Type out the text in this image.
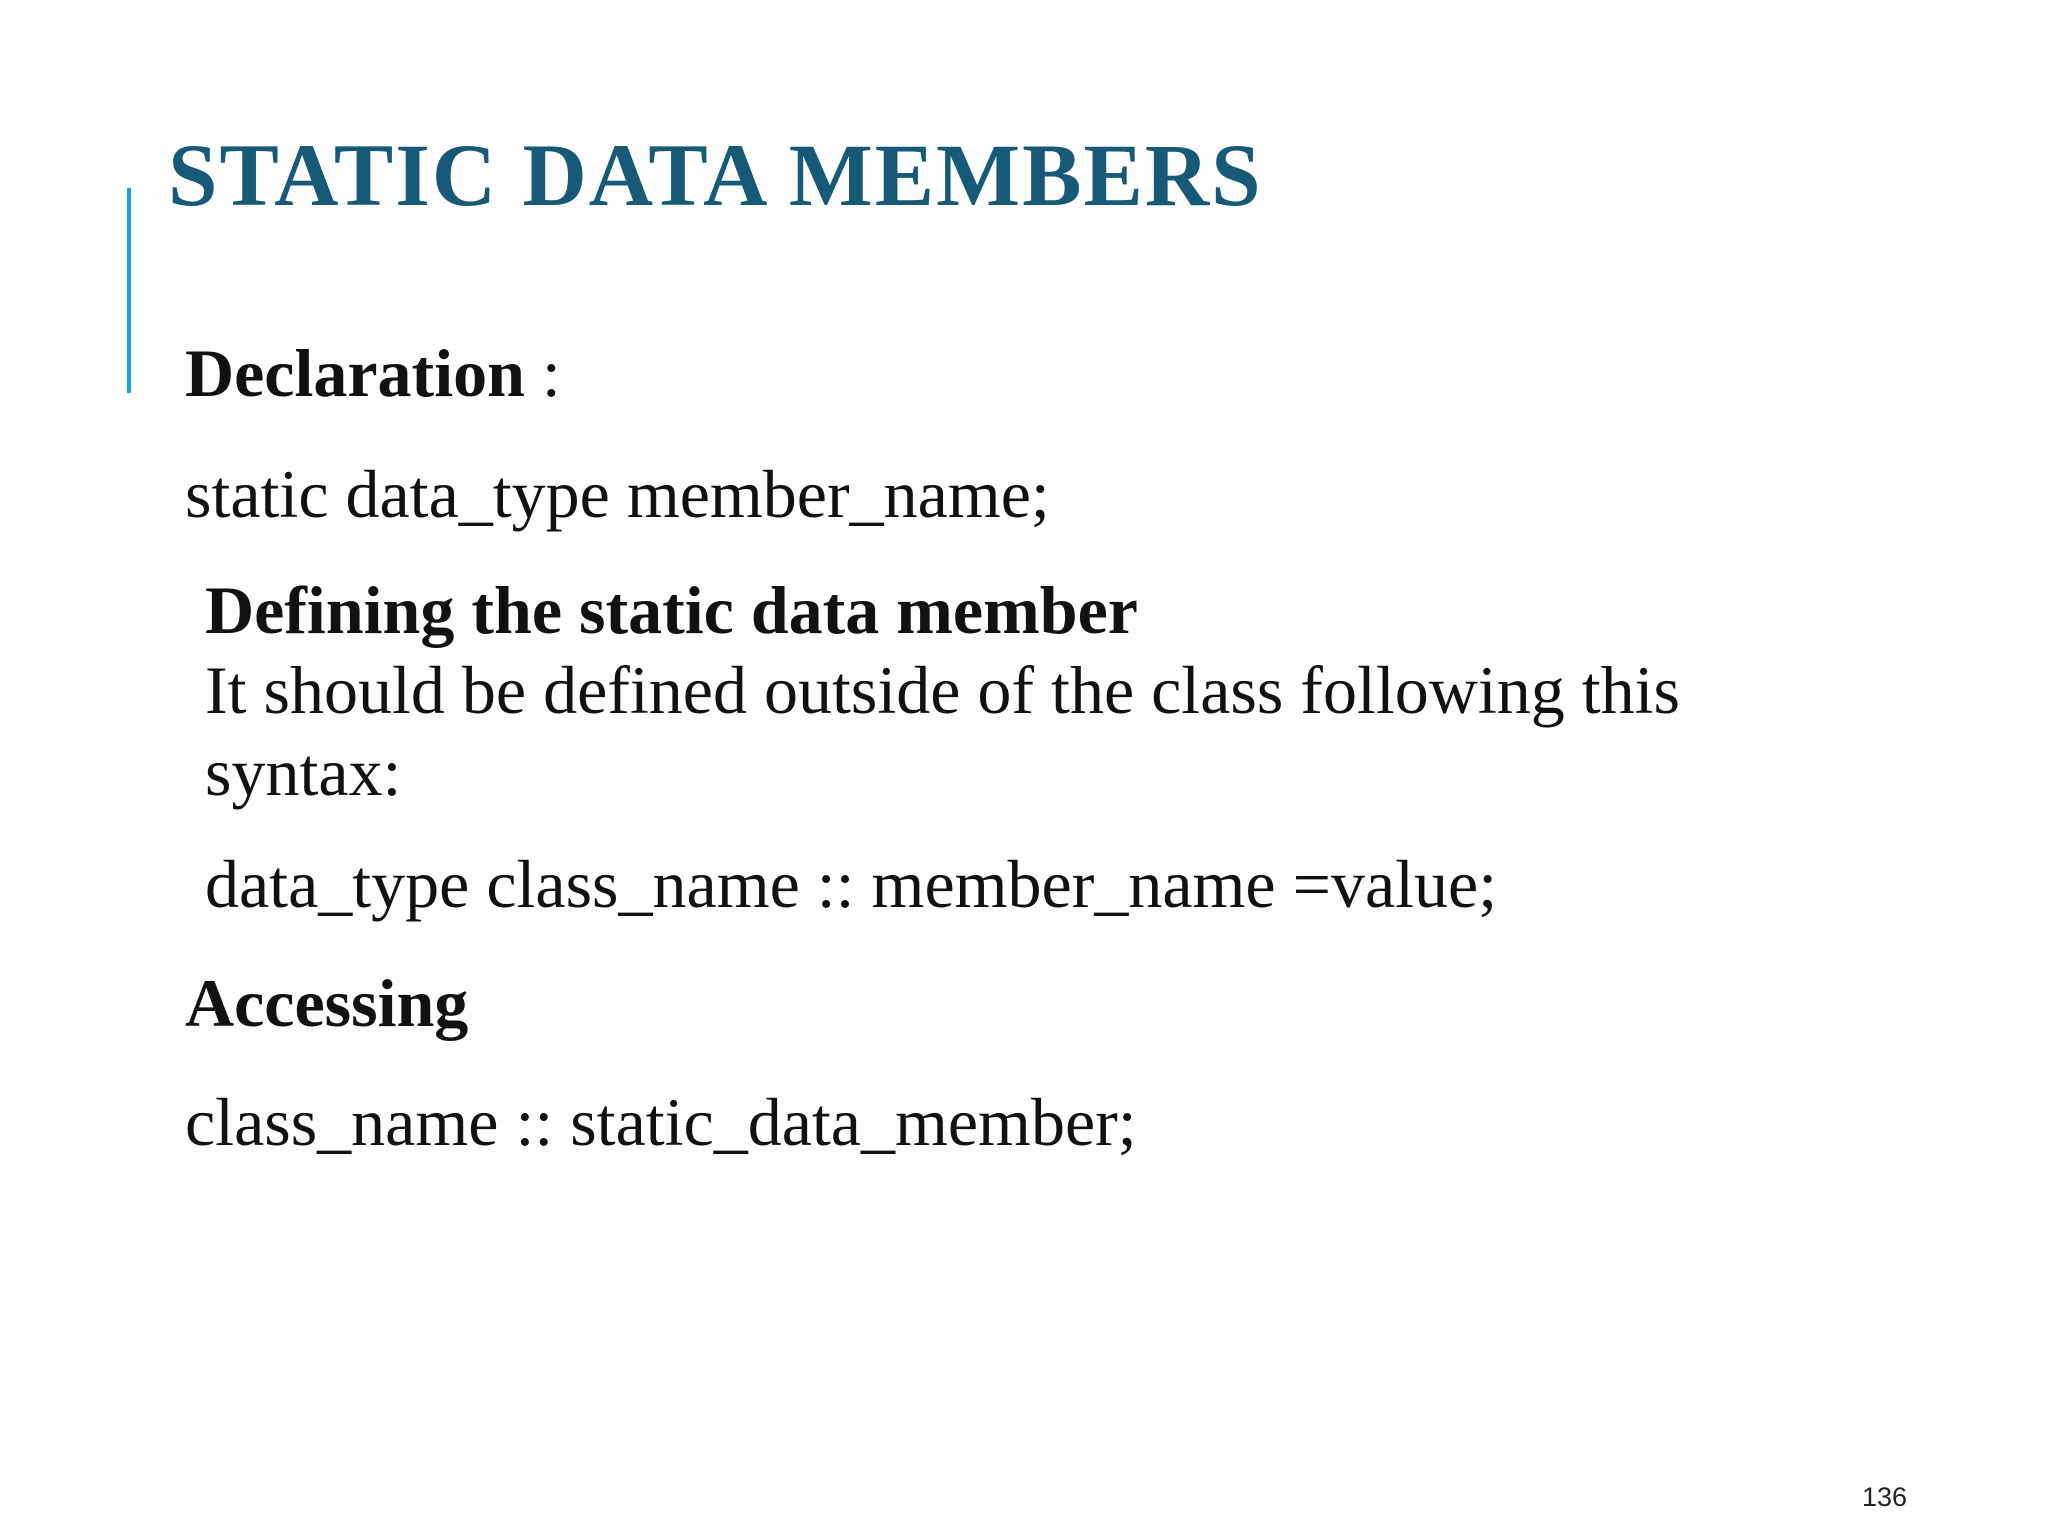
STATIC DATA MEMBERS

Declaration :

static data_type member_name;

Defining the static data member

It should be defined outside of the class following this syntax:

data_type class_name :: member_name =value;

Accessing

class_name :: static_data_member;

136
